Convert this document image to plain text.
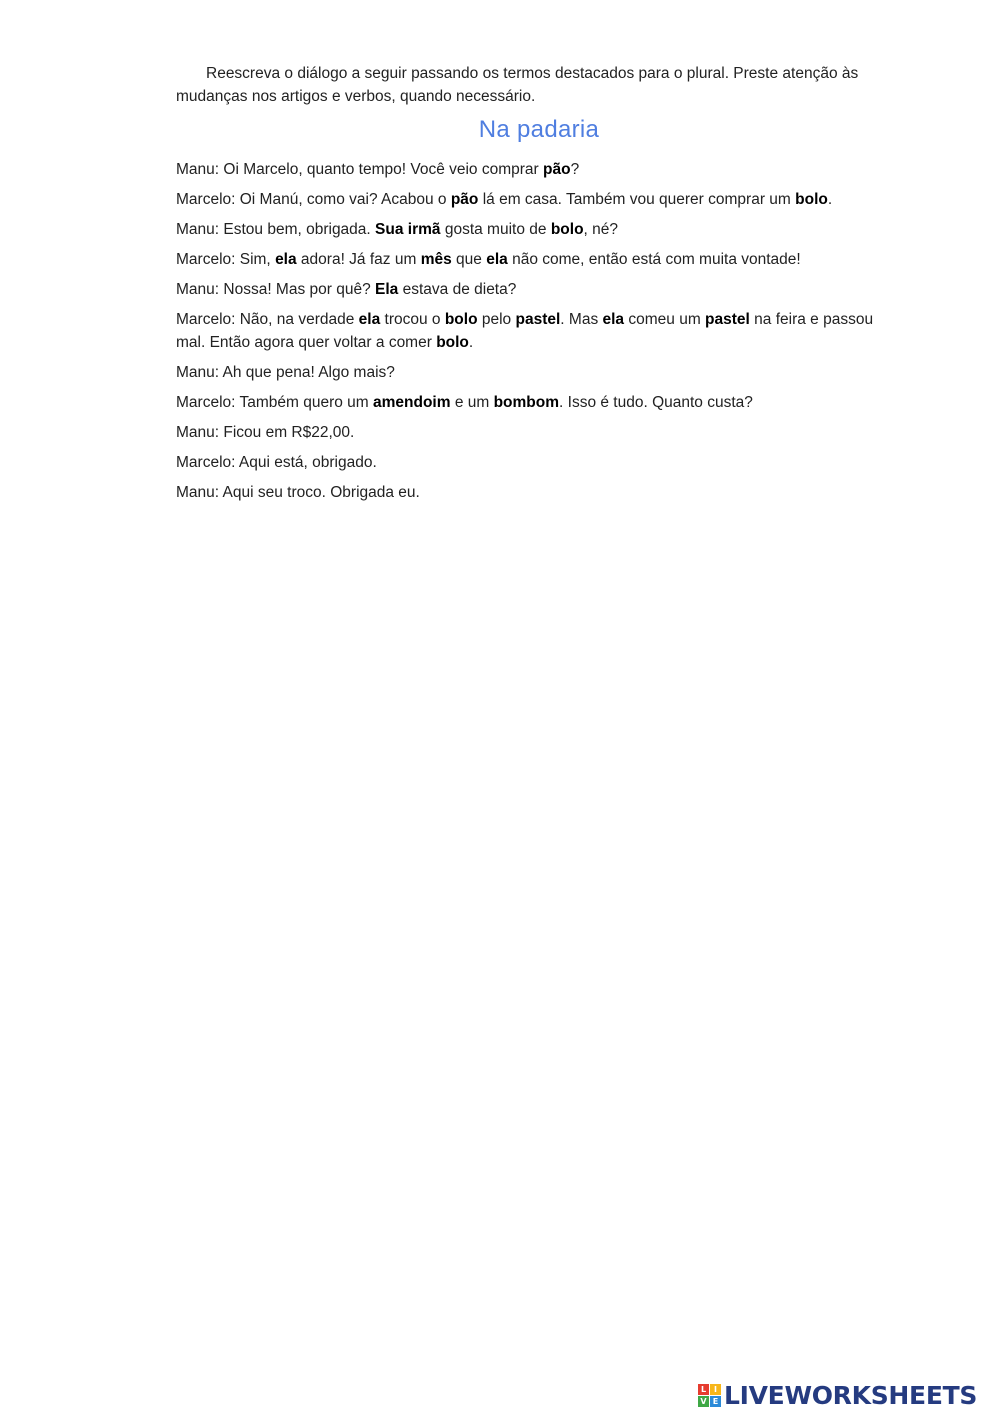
Reescreva o diálogo a seguir passando os termos destacados para o plural. Preste atenção às mudanças nos artigos e verbos, quando necessário.

Na padaria

Manu: Oi Marcelo, quanto tempo! Você veio comprar pão?

Marcelo: Oi Manú, como vai? Acabou o pão lá em casa. Também vou querer comprar um bolo.

Manu: Estou bem, obrigada. Sua irmã gosta muito de bolo, né?

Marcelo: Sim, ela adora! Já faz um mês que ela não come, então está com muita vontade!

Manu: Nossa! Mas por quê? Ela estava de dieta?

Marcelo: Não, na verdade ela trocou o bolo pelo pastel. Mas ela comeu um pastel na feira e passou mal. Então agora quer voltar a comer bolo.

Manu: Ah que pena! Algo mais?

Marcelo: Também quero um amendoim e um bombom. Isso é tudo. Quanto custa?

Manu: Ficou em R$22,00.

Marcelo: Aqui está, obrigado.

Manu: Aqui seu troco. Obrigada eu.

L I
V E LIVEWORKSHEETS
